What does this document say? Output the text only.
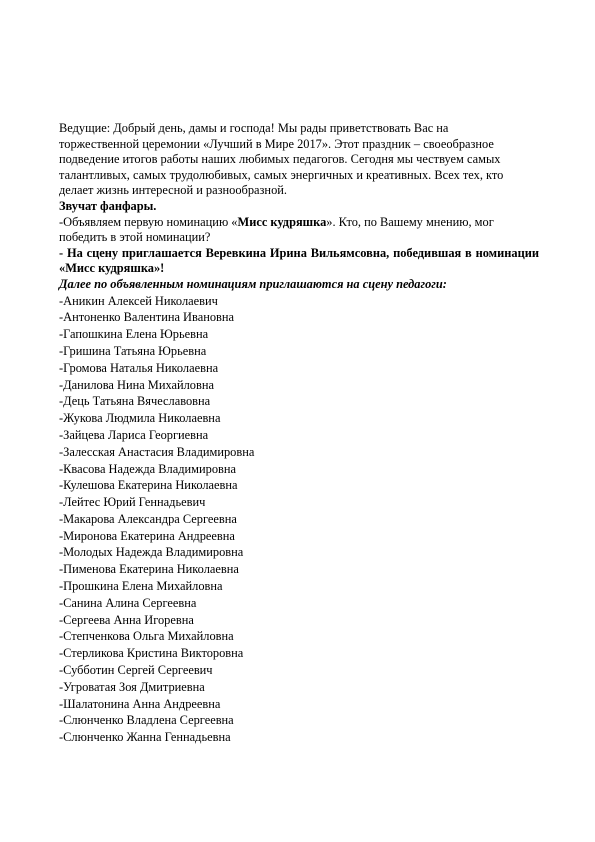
Ведущие: Добрый день, дамы и господа! Мы рады приветствовать Вас на
торжественной церемонии «Лучший в Мире 2017». Этот праздник – своеобразное
подведение итогов работы наших любимых педагогов. Сегодня мы чествуем самых
талантливых, самых трудолюбивых, самых энергичных и креативных. Всех тех, кто
делает жизнь интересной и разнообразной.

Звучат фанфары.

-Объявляем первую номинацию «Мисс кудряшка». Кто, по Вашему мнению, мог
победить в этой номинации?

- На сцену приглашается Веревкина Ирина Вильямсовна, победившая в номинации
«Мисс кудряшка»!

Далее по объявленным номинациям приглашаются на сцену педагоги:

-Аникин Алексей Николаевич
-Антоненко Валентина Ивановна
-Гапошкина Елена Юрьевна
-Гришина Татьяна Юрьевна
-Громова Наталья Николаевна
-Данилова Нина Михайловна
-Дець Татьяна Вячеславовна
-Жукова Людмила Николаевна
-Зайцева Лариса Георгиевна
-Залесская Анастасия Владимировна
-Квасова Надежда Владимировна
-Кулешова Екатерина Николаевна
-Лейтес Юрий Геннадьевич
-Макарова Александра Сергеевна
-Миронова Екатерина Андреевна
-Молодых Надежда Владимировна
-Пименова Екатерина Николаевна
-Прошкина Елена Михайловна
-Санина Алина Сергеевна
-Сергеева Анна Игоревна
-Степченкова Ольга Михайловна
-Стерликова Кристина Викторовна
-Субботин Сергей Сергеевич
-Угроватая Зоя Дмитриевна
-Шалатонина Анна Андреевна
-Слюнченко Владлена Сергеевна
-Слюнченко Жанна Геннадьевна
